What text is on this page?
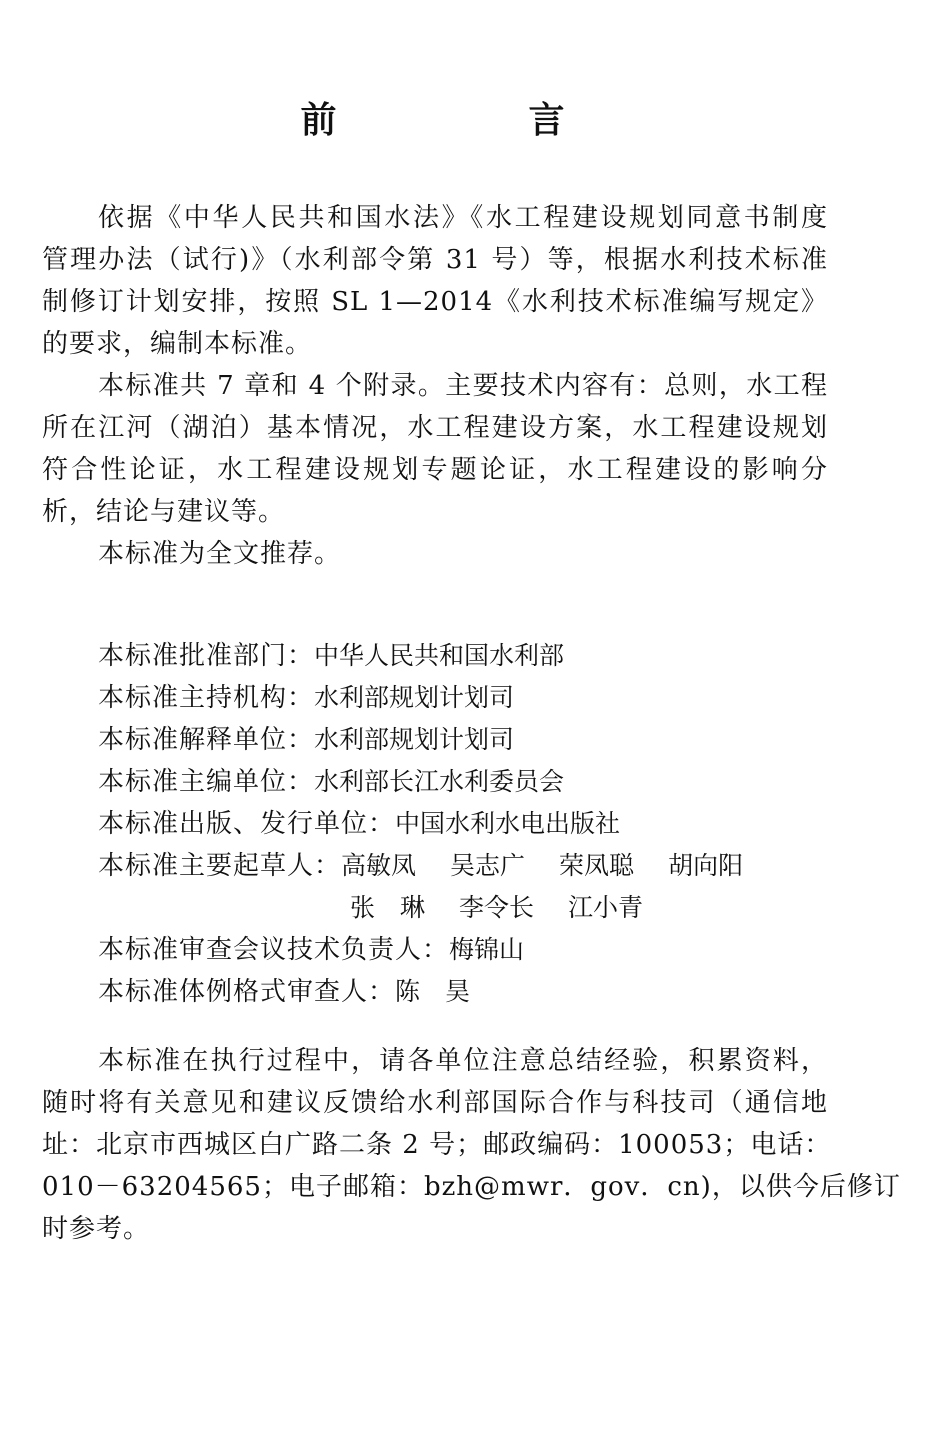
前　言

依据《中华人民共和国水法》《水工程建设规划同意书制度
管理办法（试行)》（水利部令第 31 号）等，根据水利技术标准
制修订计划安排，按照 SL 1—2014《水利技术标准编写规定》
的要求，编制本标准。

本标准共 7 章和 4 个附录。主要技术内容有：总则，水工程
所在江河（湖泊）基本情况，水工程建设方案，水工程建设规划
符合性论证，水工程建设规划专题论证，水工程建设的影响分
析，结论与建议等。

本标准为全文推荐。

本标准批准部门：中华人民共和国水利部
本标准主持机构：水利部规划计划司
本标准解释单位：水利部规划计划司
本标准主编单位：水利部长江水利委员会
本标准出版、发行单位：中国水利水电出版社
本标准主要起草人：高敏凤 吴志广 荣凤聪 胡向阳
张　琳 李令长 江小青
本标准审查会议技术负责人：梅锦山
本标准体例格式审查人：陈　昊

本标准在执行过程中，请各单位注意总结经验，积累资料，
随时将有关意见和建议反馈给水利部国际合作与科技司（通信地
址：北京市西城区白广路二条 2 号；邮政编码：100053；电话：
010－63204565；电子邮箱：bzh@mwr．gov．cn)，以供今后修订
时参考。
